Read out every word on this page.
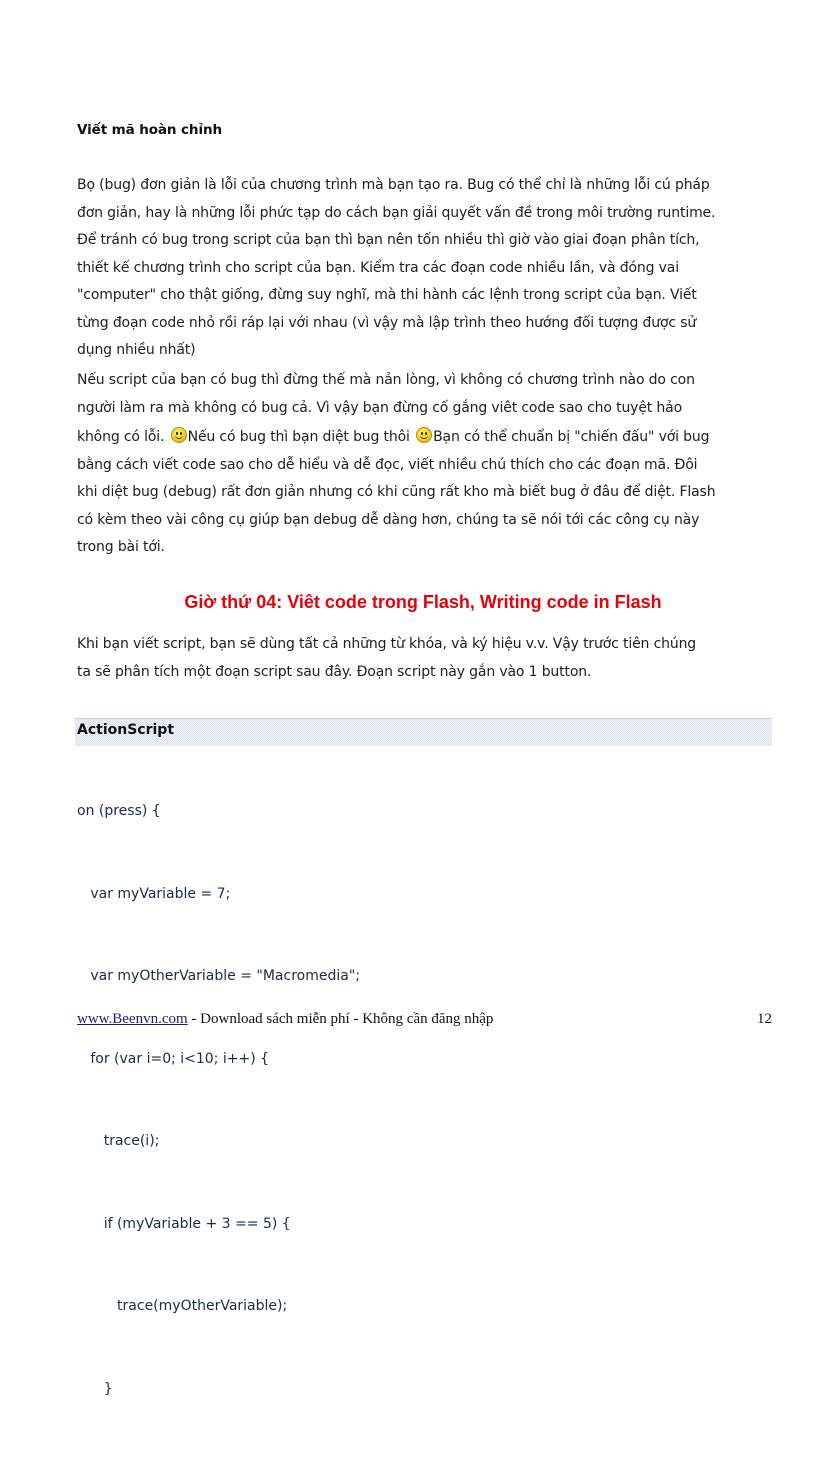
Viết mã hoàn chỉnh
Bọ (bug) đơn giản là lỗi của chương trình mà bạn tạo ra. Bug có thể chỉ là những lỗi cú pháp
đơn giản, hay là những lỗi phức tạp do cách bạn giải quyết vấn đề trong môi trường runtime.
Để tránh có bug trong script của bạn thì bạn nên tốn nhiều thì giờ vào giai đoạn phân tích,
thiết kế chương trình cho script của bạn. Kiểm tra các đoạn code nhiều lần, và đóng vai
"computer" cho thật giống, đừng suy nghĩ, mà thi hành các lệnh trong script của bạn. Viết
từng đoạn code nhỏ rồi ráp lại với nhau (vì vậy mà lập trình theo hướng đối tượng được sử
dụng nhiều nhất)
Nếu script của bạn có bug thì đừng thế mà nản lòng, vì không có chương trình nào do con
người làm ra mà không có bug cả. Vì vậy bạn đừng cố gắng viêt code sao cho tuyệt hảo
không có lỗi. Nếu có bug thì bạn diệt bug thôi Bạn có thể chuẩn bị "chiến đấu" với bug
bằng cách viết code sao cho dễ hiểu và dễ đọc, viết nhiều chú thích cho các đoạn mã. Đôi
khi diệt bug (debug) rất đơn giản nhưng có khi cũng rất kho mà biết bug ở đâu để diệt. Flash
có kèm theo vài công cụ giúp bạn debug dễ dàng hơn, chúng ta sẽ nói tới các công cụ này
trong bài tới.
Giờ thứ 04: Viêt code trong Flash, Writing code in Flash
Khi bạn viết script, bạn sẽ dùng tất cả những từ khóa, và ký hiệu v.v. Vậy trước tiên chúng
ta sẽ phân tích một đoạn script sau đây. Đoạn script này gắn vào 1 button.
ActionScript

on (press) {

var myVariable = 7;

var myOtherVariable = "Macromedia";

for (var i=0; i<10; i++) {

trace(i);

if (myVariable + 3 == 5) {

trace(myOtherVariable);

}

www.Beenvn.com - Download sách miễn phí - Không cần đăng nhập	12
